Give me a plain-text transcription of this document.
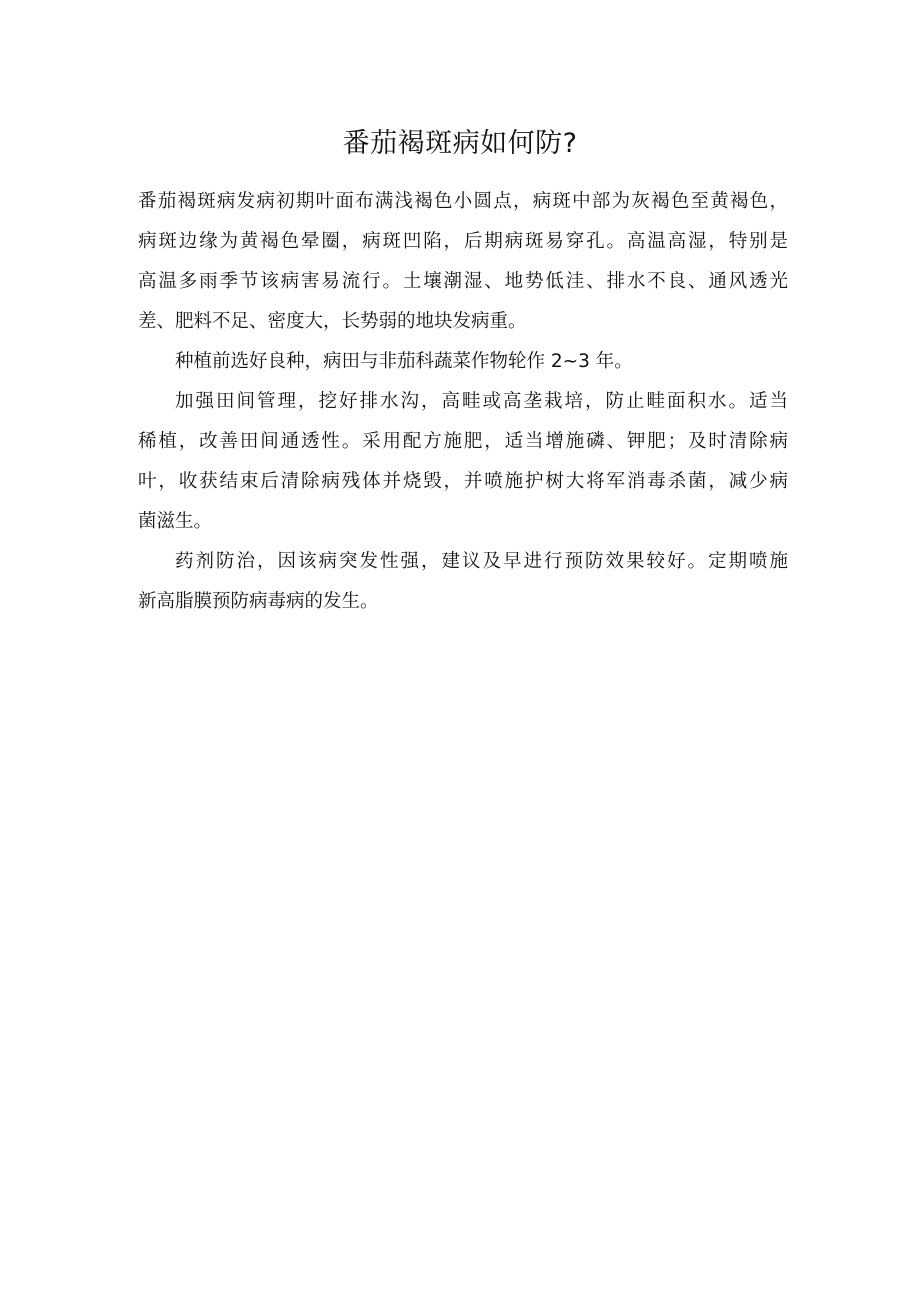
番茄褐斑病如何防?

番茄褐斑病发病初期叶面布满浅褐色小圆点，病斑中部为灰褐色至黄褐色，
病斑边缘为黄褐色晕圈，病斑凹陷，后期病斑易穿孔。高温高湿，特别是
高温多雨季节该病害易流行。土壤潮湿、地势低洼、排水不良、通风透光
差、肥料不足、密度大，长势弱的地块发病重。

种植前选好良种，病田与非茄科蔬菜作物轮作 2~3 年。

加强田间管理，挖好排水沟，高畦或高垄栽培，防止畦面积水。适当
稀植，改善田间通透性。采用配方施肥，适当增施磷、钾肥；及时清除病
叶，收获结束后清除病残体并烧毁，并喷施护树大将军消毒杀菌，减少病
菌滋生。

药剂防治，因该病突发性强，建议及早进行预防效果较好。定期喷施
新高脂膜预防病毒病的发生。
